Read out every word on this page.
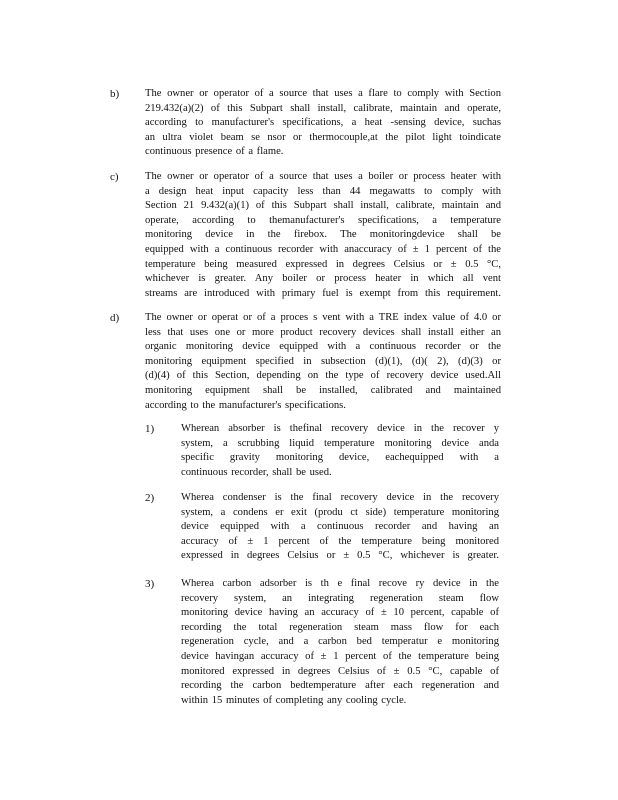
b) The owner or operator of a source that uses a flare to comply with Section
219.432(a)(2) of this Subpart shall install, calibrate, maintain and operate,
according to manufacturer's specifications, a heat -sensing device, suchas
an ultra violet beam se nsor or thermocouple,at the pilot light toindicate
continuous presence of a flame.
c) The owner or operator of a source that uses a boiler or process heater with
a design heat input capacity less than 44 megawatts to comply with
Section 21 9.432(a)(1) of this Subpart shall install, calibrate, maintain and
operate, according to themanufacturer's specifications, a temperature
monitoring device in the firebox. The monitoringdevice shall be
equipped with a continuous recorder with anaccuracy of ± 1 percent of the
temperature being measured expressed in degrees Celsius or ± 0.5 °C,
whichever is greater. Any boiler or process heater in which all vent
streams are introduced with primary fuel is exempt from this requirement.
d) The owner or operat or of a proces s vent with a TRE index value of 4.0 or
less that uses one or more product recovery devices shall install either an
organic monitoring device equipped with a continuous recorder or the
monitoring equipment specified in subsection (d)(1), (d)( 2), (d)(3) or
(d)(4) of this Section, depending on the type of recovery device used.All
monitoring equipment shall be installed, calibrated and maintained
according to the manufacturer's specifications.
1)	Wherean absorber is thefinal recovery device in the recover y
system, a scrubbing liquid temperature monitoring device anda
specific gravity monitoring device, eachequipped with a
continuous recorder, shall be used.
2)	Wherea condenser is the final recovery device in the recovery
system, a condens er exit (produ ct side) temperature monitoring
device equipped with a continuous recorder and having an
accuracy of ± 1 percent of the temperature being monitored
expressed in degrees Celsius or ± 0.5 °C, whichever is greater.
3)	Wherea carbon adsorber is th e final recove ry device in the
recovery system, an integrating regeneration steam flow
monitoring device having an accuracy of ± 10 percent, capable of
recording the total regeneration steam mass flow for each
regeneration cycle, and a carbon bed temperatur e monitoring
device havingan accuracy of ± 1 percent of the temperature being
monitored expressed in degrees Celsius of ± 0.5 °C, capable of
recording the carbon bedtemperature after each regeneration and
within 15 minutes of completing any cooling cycle.
